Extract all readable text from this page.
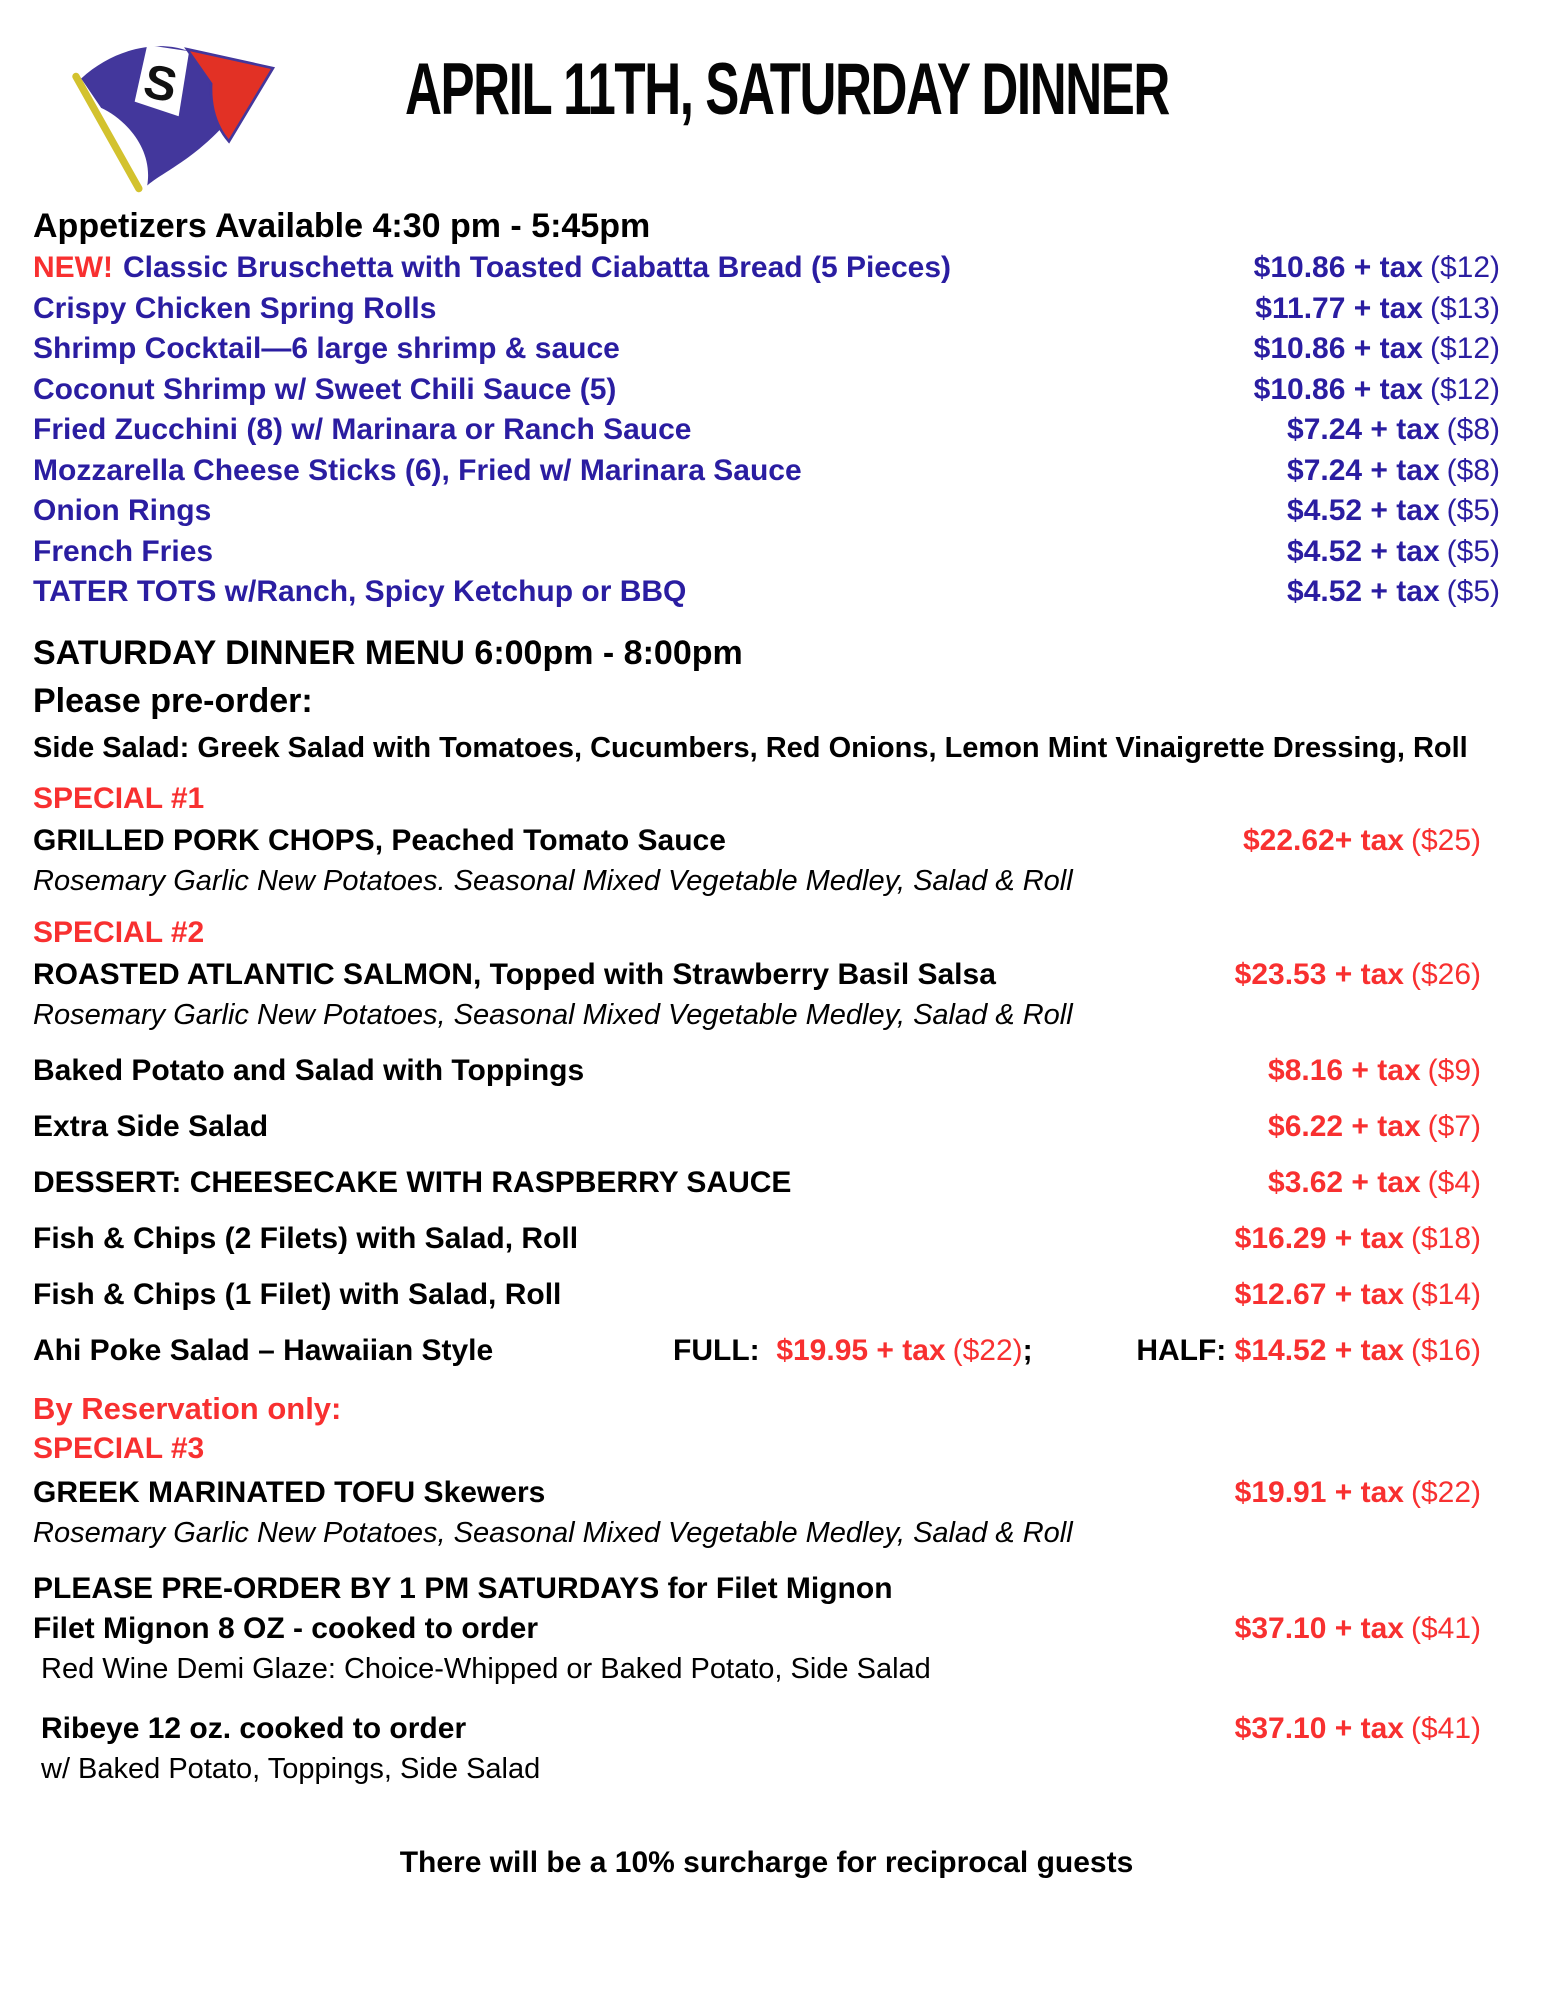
S	APRIL 11TH, SATURDAY DINNER
Appetizers Available 4:30 pm - 5:45pm
NEW! Classic Bruschetta with Toasted Ciabatta Bread (5 Pieces)	$10.86 + tax ($12)
Crispy Chicken Spring Rolls	$11.77 + tax ($13)
Shrimp Cocktail—6 large shrimp & sauce	$10.86 + tax ($12)
Coconut Shrimp w/ Sweet Chili Sauce (5)	$10.86 + tax ($12)
Fried Zucchini (8) w/ Marinara or Ranch Sauce	$7.24 + tax ($8)
Mozzarella Cheese Sticks (6), Fried w/ Marinara Sauce	$7.24 + tax ($8)
Onion Rings	$4.52 + tax ($5)
French Fries	$4.52 + tax ($5)
TATER TOTS w/Ranch, Spicy Ketchup or BBQ	$4.52 + tax ($5)
SATURDAY DINNER MENU 6:00pm - 8:00pm
Please pre-order:
Side Salad: Greek Salad with Tomatoes, Cucumbers, Red Onions, Lemon Mint Vinaigrette Dressing, Roll
SPECIAL #1
GRILLED PORK CHOPS, Peached Tomato Sauce	$22.62+ tax ($25)
Rosemary Garlic New Potatoes. Seasonal Mixed Vegetable Medley, Salad & Roll
SPECIAL #2
ROASTED ATLANTIC SALMON, Topped with Strawberry Basil Salsa	$23.53 + tax ($26)
Rosemary Garlic New Potatoes, Seasonal Mixed Vegetable Medley, Salad & Roll
Baked Potato and Salad with Toppings	$8.16 + tax ($9)
Extra Side Salad	$6.22 + tax ($7)
DESSERT: CHEESECAKE WITH RASPBERRY SAUCE	$3.62 + tax ($4)
Fish & Chips (2 Filets) with Salad, Roll	$16.29 + tax ($18)
Fish & Chips (1 Filet) with Salad, Roll	$12.67 + tax ($14)
Ahi Poke Salad – Hawaiian Style	FULL: $19.95 + tax ($22);	HALF: $14.52 + tax ($16)
By Reservation only:
SPECIAL #3
GREEK MARINATED TOFU Skewers	$19.91 + tax ($22)
Rosemary Garlic New Potatoes, Seasonal Mixed Vegetable Medley, Salad & Roll
PLEASE PRE-ORDER BY 1 PM SATURDAYS for Filet Mignon
Filet Mignon 8 OZ - cooked to order	$37.10 + tax ($41)
Red Wine Demi Glaze: Choice-Whipped or Baked Potato, Side Salad
Ribeye 12 oz. cooked to order	$37.10 + tax ($41)
w/ Baked Potato, Toppings, Side Salad
There will be a 10% surcharge for reciprocal guests
